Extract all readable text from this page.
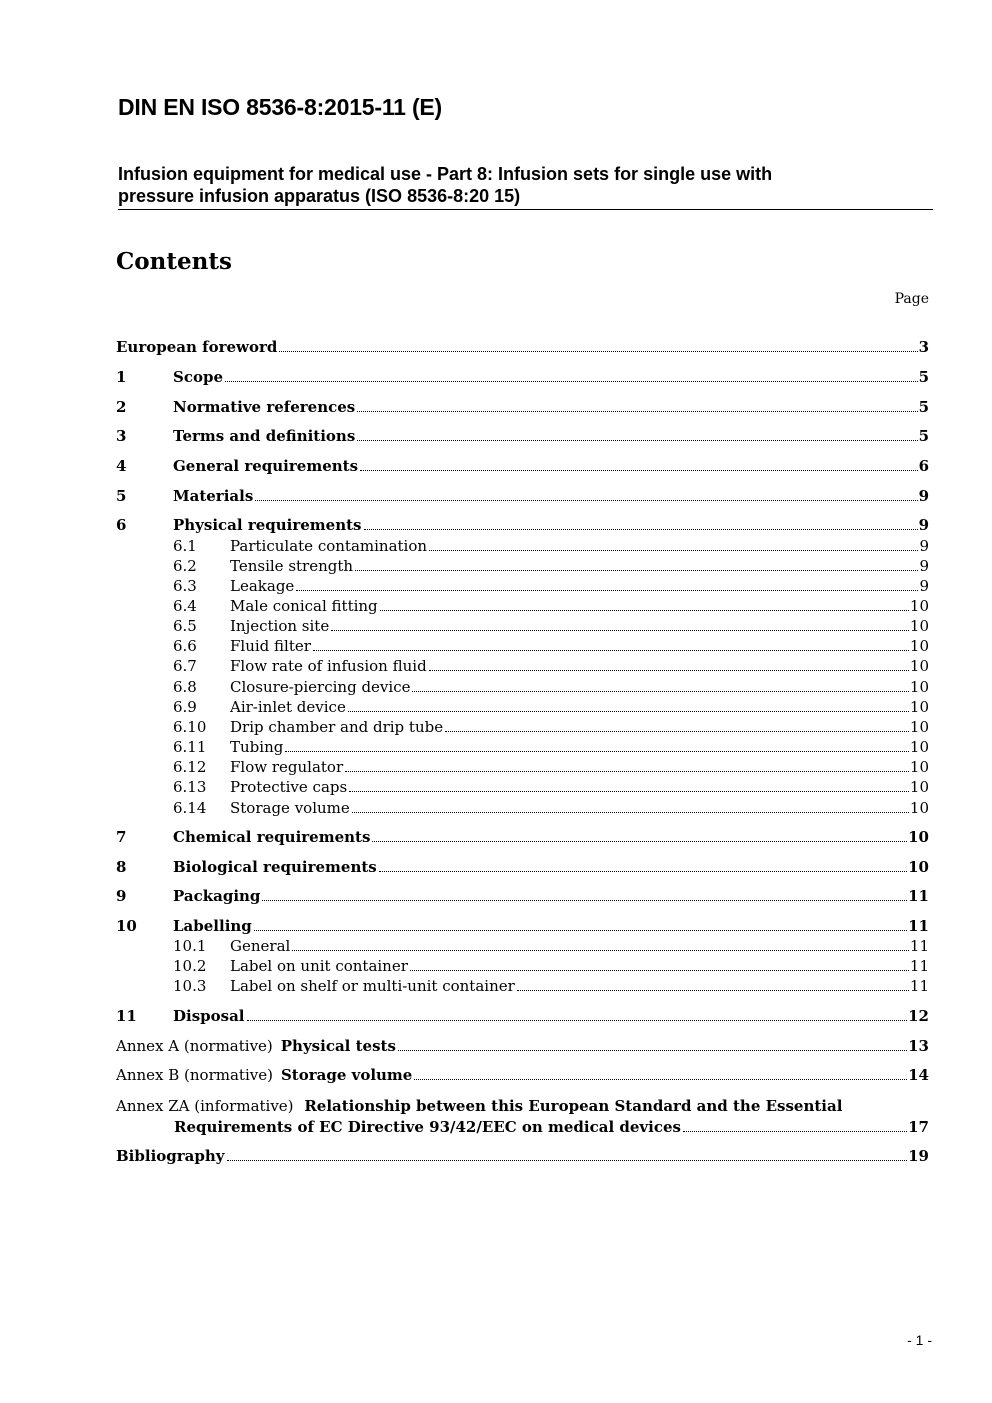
DIN EN ISO 8536-8:2015-11 (E)
Infusion equipment for medical use - Part 8: Infusion sets for single use with
pressure infusion apparatus (ISO 8536-8:20 15)
Contents
Page
European foreword	3
1	Scope	5
2	Normative references	5
3	Terms and definitions	5
4	General requirements	6
5	Materials	9
6	Physical requirements	9
6.1	Particulate contamination	9
6.2	Tensile strength	9
6.3	Leakage	9
6.4	Male conical fitting	10
6.5	Injection site	10
6.6	Fluid filter	10
6.7	Flow rate of infusion fluid	10
6.8	Closure-piercing device	10
6.9	Air-inlet device	10
6.10	Drip chamber and drip tube	10
6.11	Tubing	10
6.12	Flow regulator	10
6.13	Protective caps	10
6.14	Storage volume	10
7	Chemical requirements	10
8	Biological requirements	10
9	Packaging	11
10	Labelling	11
10.1	General	11
10.2	Label on unit container	11
10.3	Label on shelf or multi-unit container	11
11	Disposal	12
Annex A (normative) Physical tests	13
Annex B (normative) Storage volume	14
Annex ZA (informative) Relationship between this European Standard and the Essential
Requirements of EC Directive 93/42/EEC on medical devices	17
Bibliography	19
- 1 -
